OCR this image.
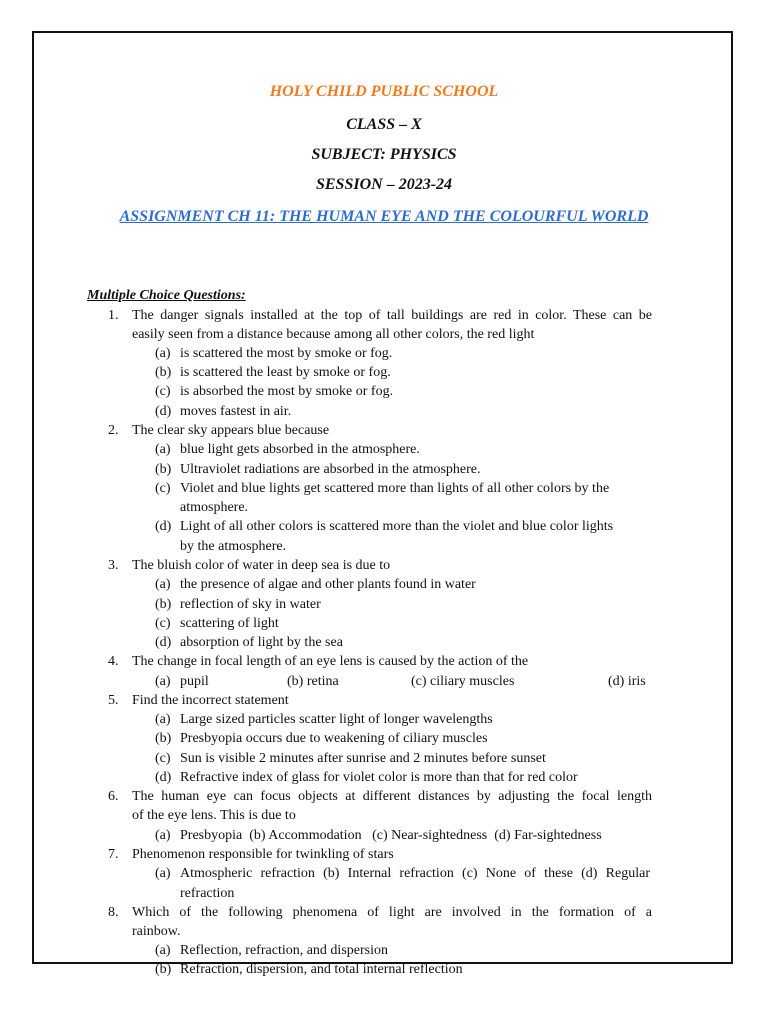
HOLY CHILD PUBLIC SCHOOL
CLASS – X
SUBJECT: PHYSICS
SESSION – 2023-24
ASSIGNMENT CH 11: THE HUMAN EYE AND THE COLOURFUL WORLD
Multiple Choice Questions:
1. The danger signals installed at the top of tall buildings are red in color. These can be
easily seen from a distance because among all other colors, the red light
(a) is scattered the most by smoke or fog.
(b) is scattered the least by smoke or fog.
(c) is absorbed the most by smoke or fog.
(d) moves fastest in air.
2. The clear sky appears blue because
(a) blue light gets absorbed in the atmosphere.
(b) Ultraviolet radiations are absorbed in the atmosphere.
(c) Violet and blue lights get scattered more than lights of all other colors by the
atmosphere.
(d) Light of all other colors is scattered more than the violet and blue color lights
by the atmosphere.
3. The bluish color of water in deep sea is due to
(a) the presence of algae and other plants found in water
(b) reflection of sky in water
(c) scattering of light
(d) absorption of light by the sea
4. The change in focal length of an eye lens is caused by the action of the
(a) pupil	(b) retina	(c) ciliary muscles	(d) iris
5. Find the incorrect statement
(a) Large sized particles scatter light of longer wavelengths
(b) Presbyopia occurs due to weakening of ciliary muscles
(c) Sun is visible 2 minutes after sunrise and 2 minutes before sunset
(d) Refractive index of glass for violet color is more than that for red color
6. The human eye can focus objects at different distances by adjusting the focal length
of the eye lens. This is due to
(a) Presbyopia  (b) Accommodation   (c) Near-sightedness  (d) Far-sightedness
7. Phenomenon responsible for twinkling of stars
(a) Atmospheric refraction (b) Internal refraction (c) None of these (d) Regular
refraction
8. Which of the following phenomena of light are involved in the formation of a
rainbow.
(a) Reflection, refraction, and dispersion
(b) Refraction, dispersion, and total internal reflection
